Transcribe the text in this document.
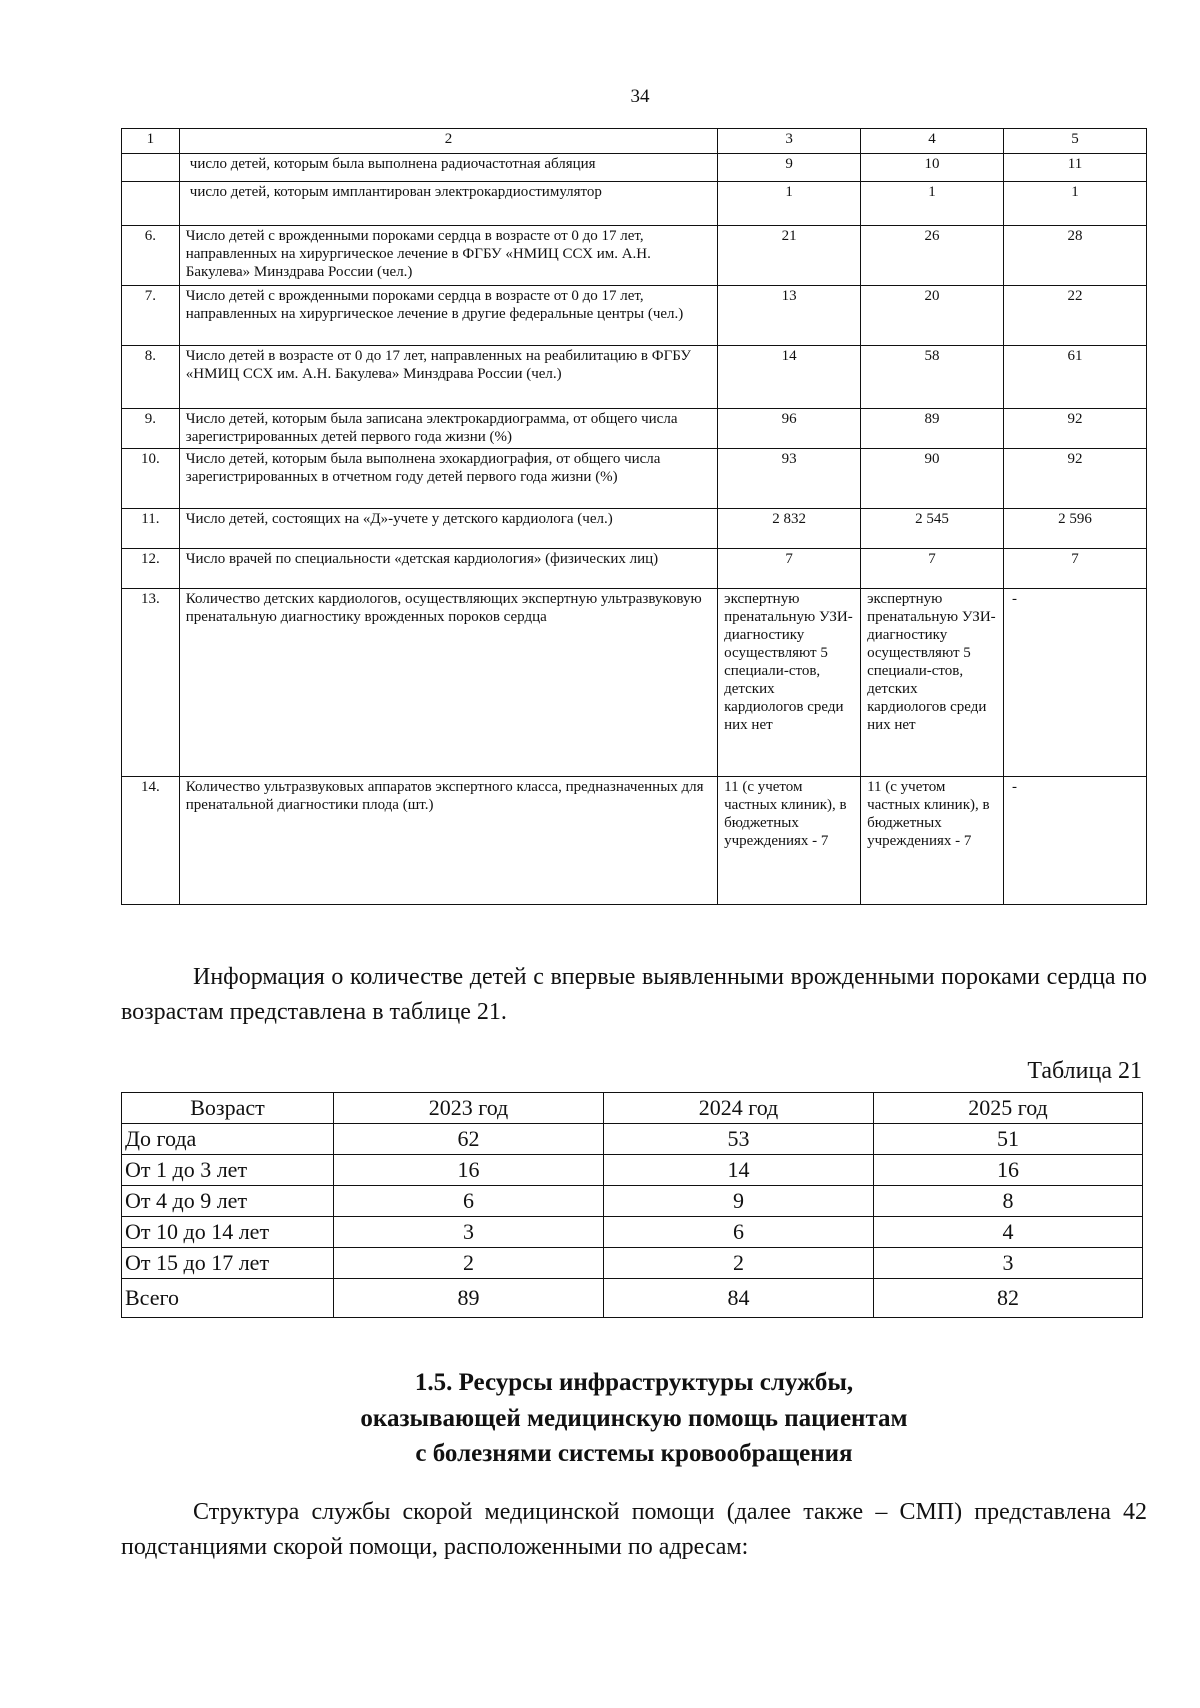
34
1	2	3	4	5
	число детей, которым была выполнена радиочастотная абляция	9	10	11
	число детей, которым имплантирован электрокардиостимулятор	1	1	1
6.	Число детей с врожденными пороками сердца в возрасте от 0 до 17 лет, направленных на хирургическое лечение в ФГБУ «НМИЦ ССХ им. А.Н. Бакулева» Минздрава России (чел.)	21	26	28
7.	Число детей с врожденными пороками сердца в возрасте от 0 до 17 лет, направленных на хирургическое лечение в другие федеральные центры (чел.)	13	20	22
8.	Число детей в возрасте от 0 до 17 лет, направленных на реабилитацию в ФГБУ «НМИЦ ССХ им. А.Н. Бакулева» Минздрава России (чел.)	14	58	61
9.	Число детей, которым была записана электрокардиограмма, от общего числа зарегистрированных детей первого года жизни (%)	96	89	92
10.	Число детей, которым была выполнена эхокардиография, от общего числа зарегистрированных в отчетном году детей первого года жизни (%)	93	90	92
11.	Число детей, состоящих на «Д»-учете у детского кардиолога (чел.)	2 832	2 545	2 596
12.	Число врачей по специальности «детская кардиология» (физических лиц)	7	7	7
13.	Количество детских кардиологов, осуществляющих экспертную ультразвуковую пренатальную диагностику врожденных пороков сердца	экспертную пренатальную УЗИ-диагностику осуществляют 5 специали-стов, детских кардиологов среди них нет	экспертную пренатальную УЗИ-диагностику осуществляют 5 специали-стов, детских кардиологов среди них нет	-
14.	Количество ультразвуковых аппаратов экспертного класса, предназначенных для пренатальной диагностики плода (шт.)	11 (с учетом частных клиник), в бюджетных учреждениях - 7	11 (с учетом частных клиник), в бюджетных учреждениях - 7	-
Информация о количестве детей с впервые выявленными врожденными пороками сердца по возрастам представлена в таблице 21.
Таблица 21
Возраст	2023 год	2024 год	2025 год
До года	62	53	51
От 1 до 3 лет	16	14	16
От 4 до 9 лет	6	9	8
От 10 до 14 лет	3	6	4
От 15 до 17 лет	2	2	3
Всего	89	84	82
1.5. Ресурсы инфраструктуры службы,
оказывающей медицинскую помощь пациентам
с болезнями системы кровообращения
Структура службы скорой медицинской помощи (далее также – СМП) представлена 42 подстанциями скорой помощи, расположенными по адресам:
